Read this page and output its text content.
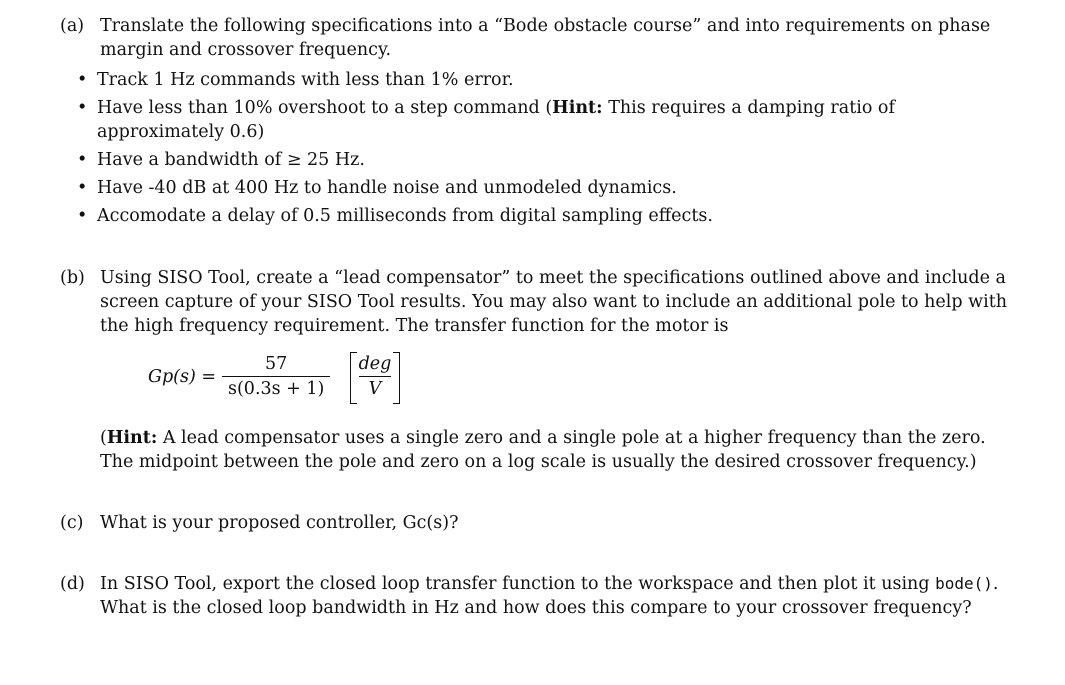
(a) Translate the following specifications into a “Bode obstacle course” and into requirements on phase margin and crossover frequency.
• Track 1 Hz commands with less than 1% error.
• Have less than 10% overshoot to a step command (Hint: This requires a damping ratio of approximately 0.6)
• Have a bandwidth of ≥ 25 Hz.
• Have -40 dB at 400 Hz to handle noise and unmodeled dynamics.
• Accomodate a delay of 0.5 milliseconds from digital sampling effects.
(b) Using SISO Tool, create a “lead compensator” to meet the specifications outlined above and include a screen capture of your SISO Tool results. You may also want to include an additional pole to help with the high frequency requirement. The transfer function for the motor is
$Gp(s) = \frac{57}{s(0.3s + 1)}$	deg
V
(Hint: A lead compensator uses a single zero and a single pole at a higher frequency than the zero. The midpoint between the pole and zero on a log scale is usually the desired crossover frequency.)
(c) What is your proposed controller, Gc(s)?
(d) In SISO Tool, export the closed loop transfer function to the workspace and then plot it using bode(). What is the closed loop bandwidth in Hz and how does this compare to your crossover frequency?
